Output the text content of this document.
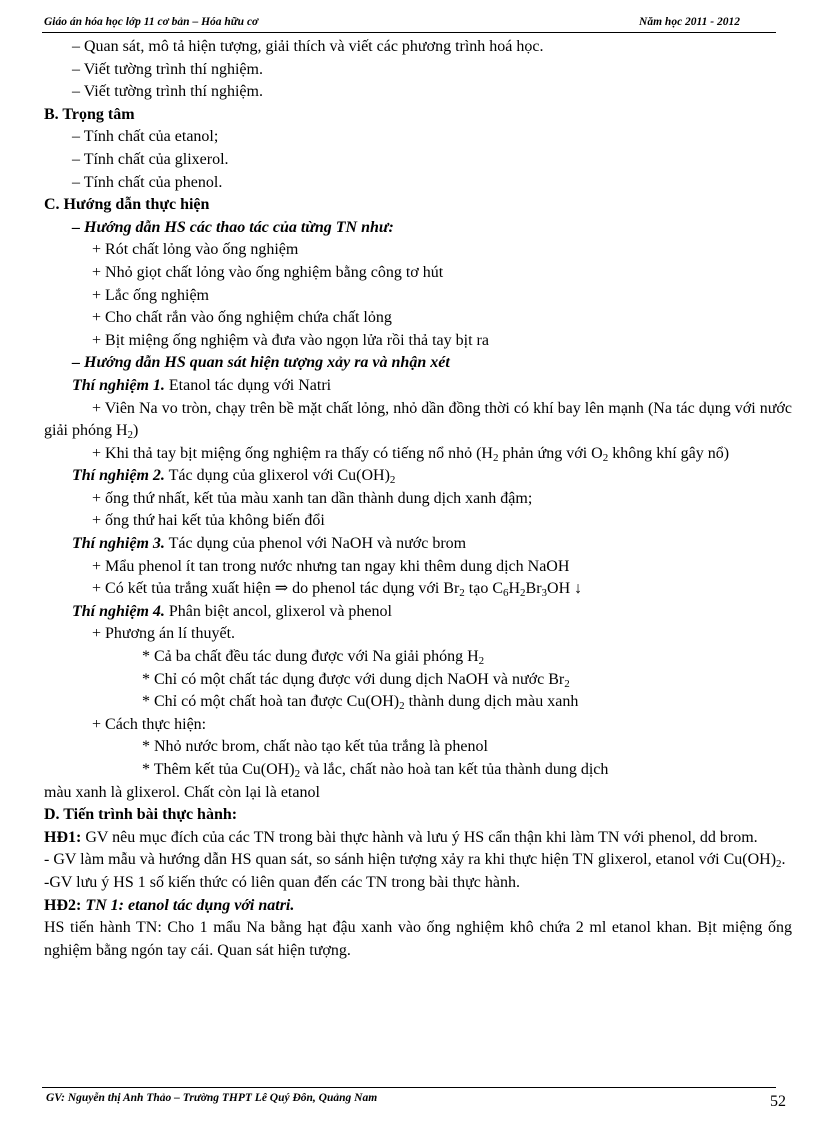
Giáo án hóa học lớp 11 cơ bản – Hóa hữu cơ	Năm học 2011 - 2012

– Quan sát, mô tả hiện tượng, giải thích và viết các phương trình hoá học.

– Viết tường trình thí nghiệm.

– Viết tường trình thí nghiệm.

B. Trọng tâm

– Tính chất của etanol;

– Tính chất của glixerol.

– Tính chất của phenol.

C. Hướng dẫn thực hiện

– Hướng dẫn HS các thao tác của từng TN như:

+ Rót chất lỏng vào ống nghiệm

+ Nhỏ giọt chất lỏng vào ống nghiệm bằng công tơ hút

+ Lắc ống nghiệm

+ Cho chất rắn vào ống nghiệm chứa chất lỏng

+ Bịt miệng ống nghiệm và đưa vào ngọn lửa rồi thả tay bịt ra

– Hướng dẫn HS quan sát hiện tượng xảy ra và nhận xét

Thí nghiệm 1. Etanol tác dụng với Natri

+ Viên Na vo tròn, chạy trên bề mặt chất lỏng, nhỏ dần đồng thời có khí bay lên mạnh (Na tác dụng với nước giải phóng $H_2$)

+ Khi thả tay bịt miệng ống nghiệm ra thấy có tiếng nổ nhỏ ($H_2$ phản ứng với $O_2$ không khí gây nổ)

Thí nghiệm 2. Tác dụng của glixerol với $Cu(OH)_2$

+ ống thứ nhất, kết tủa màu xanh tan dần thành dung dịch xanh đậm;

+ ống thứ hai kết tủa không biến đổi

Thí nghiệm 3. Tác dụng của phenol với NaOH và nước brom

+ Mẩu phenol ít tan trong nước nhưng tan ngay khi thêm dung dịch NaOH

+ Có kết tủa trắng xuất hiện ⇒ do phenol tác dụng với $Br_2$ tạo $C_6H_2Br_3OH$ ↓

Thí nghiệm 4. Phân biệt ancol, glixerol và phenol

+ Phương án lí thuyết.

* Cả ba chất đều tác dung được với Na giải phóng $H_2$

* Chỉ có một chất tác dụng được với dung dịch NaOH và nước $Br_2$

* Chỉ có một chất hoà tan được $Cu(OH)_2$ thành dung dịch màu xanh

+ Cách thực hiện:

* Nhỏ nước brom, chất nào tạo kết tủa trắng là phenol

* Thêm kết tủa $Cu(OH)_2$ và lắc, chất nào hoà tan kết tủa thành dung dịch

màu xanh là glixerol. Chất còn lại là etanol

D. Tiến trình bài thực hành:

HĐ1: GV nêu mục đích của các TN trong bài thực hành và lưu ý HS cẩn thận khi làm TN với phenol, dd brom.

- GV làm mẫu và hướng dẫn HS quan sát, so sánh hiện tượng xảy ra khi thực hiện TN glixerol, etanol với $Cu(OH)_2$.

-GV lưu ý HS 1 số kiến thức có liên quan đến các TN trong bài thực hành.

HĐ2: TN 1: etanol tác dụng với natri.

HS tiến hành TN: Cho 1 mẩu Na bằng hạt đậu xanh vào ống nghiệm khô chứa 2 ml etanol khan. Bịt miệng ống nghiệm bằng ngón tay cái. Quan sát hiện tượng.

GV: Nguyễn thị Anh Thảo – Trường THPT Lê Quý Đôn, Quảng Nam	52
